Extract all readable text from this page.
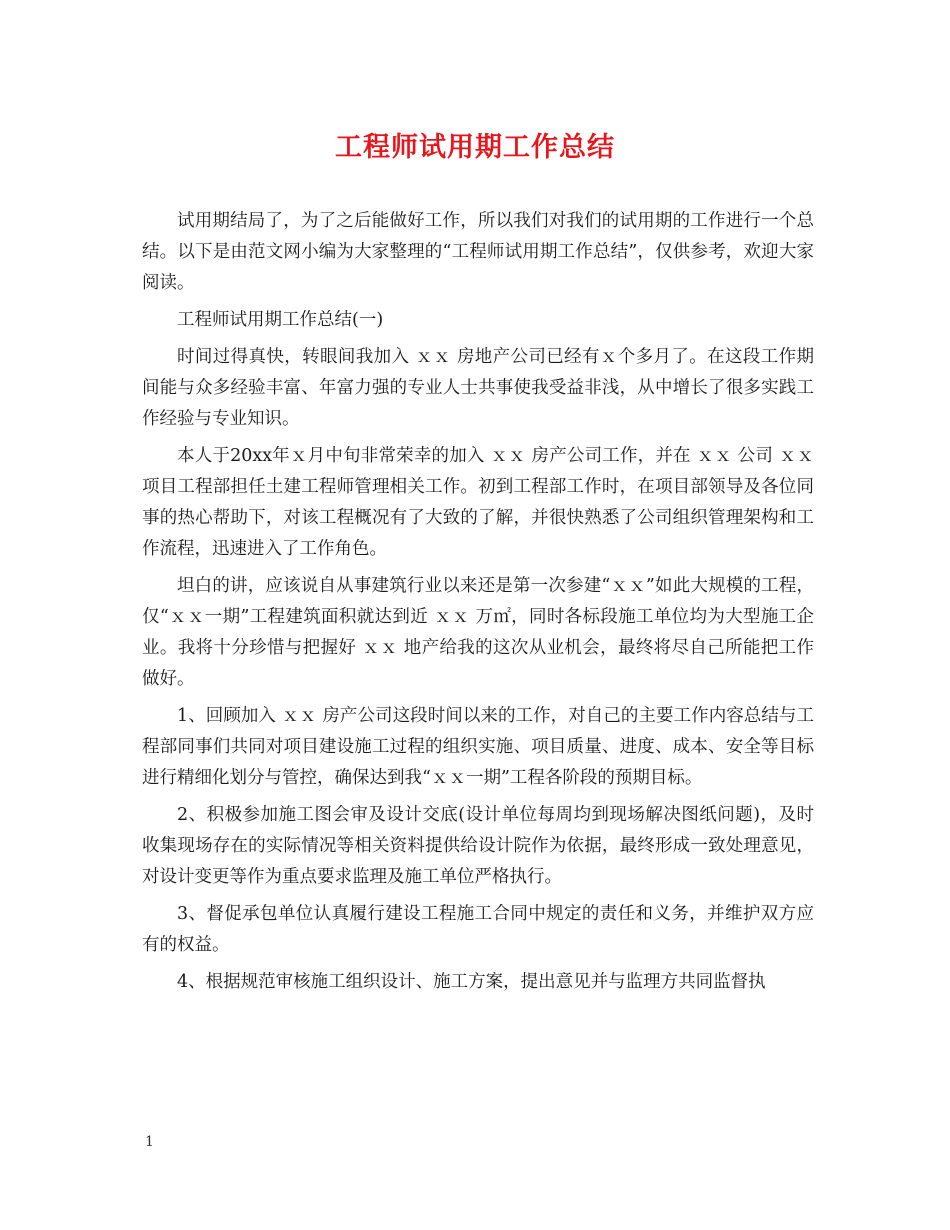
工程师试用期工作总结

试用期结局了，为了之后能做好工作，所以我们对我们的试用期的工作进行一个总结。以下是由范文网小编为大家整理的“工程师试用期工作总结”，仅供参考，欢迎大家阅读。

工程师试用期工作总结(一)

时间过得真快，转眼间我加入 ｘｘ 房地产公司已经有ｘ个多月了。在这段工作期间能与众多经验丰富、年富力强的专业人士共事使我受益非浅，从中增长了很多实践工作经验与专业知识。

本人于20xx年ｘ月中旬非常荣幸的加入 ｘｘ 房产公司工作，并在 ｘｘ 公司 ｘｘ 项目工程部担任土建工程师管理相关工作。初到工程部工作时，在项目部领导及各位同事的热心帮助下，对该工程概况有了大致的了解，并很快熟悉了公司组织管理架构和工作流程，迅速进入了工作角色。

坦白的讲，应该说自从事建筑行业以来还是第一次参建“ｘｘ”如此大规模的工程，仅“ｘｘ一期”工程建筑面积就达到近 ｘｘ 万㎡，同时各标段施工单位均为大型施工企业。我将十分珍惜与把握好 ｘｘ 地产给我的这次从业机会，最终将尽自己所能把工作做好。

1、回顾加入 ｘｘ 房产公司这段时间以来的工作，对自己的主要工作内容总结与工程部同事们共同对项目建设施工过程的组织实施、项目质量、进度、成本、安全等目标进行精细化划分与管控，确保达到我“ｘｘ一期”工程各阶段的预期目标。

2、积极参加施工图会审及设计交底(设计单位每周均到现场解决图纸问题)，及时收集现场存在的实际情况等相关资料提供给设计院作为依据，最终形成一致处理意见，对设计变更等作为重点要求监理及施工单位严格执行。

3、督促承包单位认真履行建设工程施工合同中规定的责任和义务，并维护双方应有的权益。

4、根据规范审核施工组织设计、施工方案，提出意见并与监理方共同监督执

1
